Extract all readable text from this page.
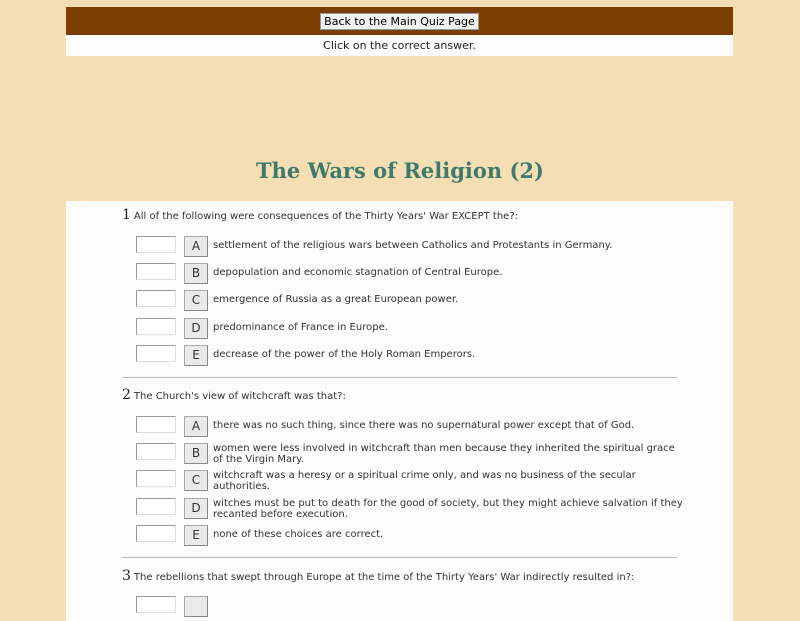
Back to the Main Quiz Page
Click on the correct answer.
The Wars of Religion (2)
1 All of the following were consequences of the Thirty Years' War EXCEPT the?:
A	settlement of the religious wars between Catholics and Protestants in Germany.
B	depopulation and economic stagnation of Central Europe.
C	emergence of Russia as a great European power.
D	predominance of France in Europe.
E	decrease of the power of the Holy Roman Emperors.
2 The Church's view of witchcraft was that?:
A	there was no such thing, since there was no supernatural power except that of God.
B	women were less involved in witchcraft than men because they inherited the spiritual grace of the Virgin Mary.
C	witchcraft was a heresy or a spiritual crime only, and was no business of the secular authorities.
D	witches must be put to death for the good of society, but they might achieve salvation if they recanted before execution.
E	none of these choices are correct.
3 The rebellions that swept through Europe at the time of the Thirty Years' War indirectly resulted in?:
